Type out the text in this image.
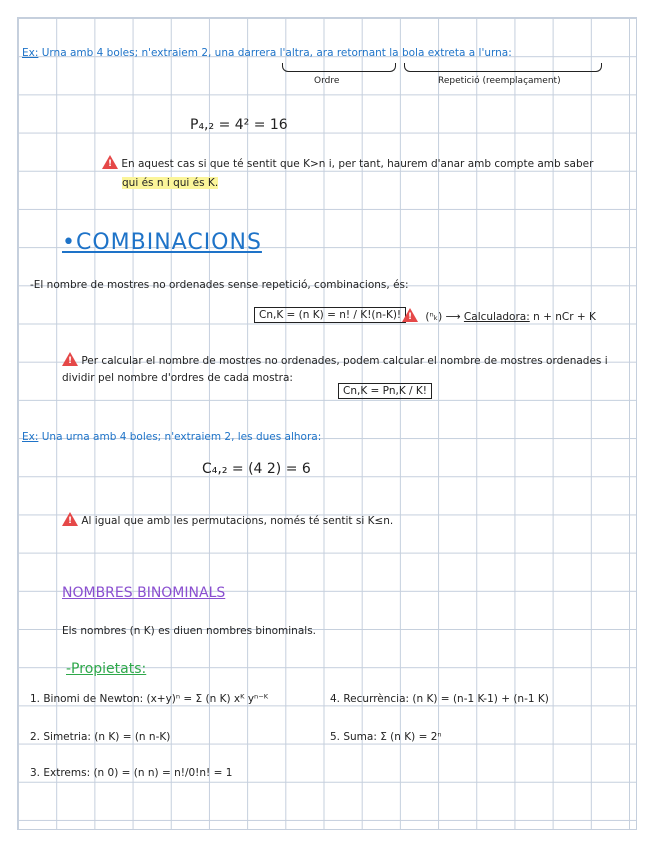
Ex: Urna amb 4 boles; n'extraiem 2, una darrera l'altra, ara retornant la bola extreta a l'urna:
Ordre	Repetició (reemplaçament)
P₄,₂ = 4² = 16
! En aquest cas si que té sentit que K>n i, per tant, haurem d'anar amb compte amb saber
qui és n i qui és K.
•COMBINACIONS
-El nombre de mostres no ordenades sense repetició, combinacions, és:
Cn,K = (n K) = n! / K!(n-K)!
!	(ⁿₖ) ⟶ Calculadora: n + nCr + K
! Per calcular el nombre de mostres no ordenades, podem calcular el nombre de mostres ordenades i
dividir pel nombre d'ordres de cada mostra:
Cn,K = Pn,K / K!
Ex: Una urna amb 4 boles; n'extraiem 2, les dues alhora:
C₄,₂ = (4 2) = 6
! Al igual que amb les permutacions, només té sentit si K≤n.
NOMBRES BINOMINALS
Els nombres (n K) es diuen nombres binominals.
-Propietats:
1. Binomi de Newton: (x+y)ⁿ = Σ (n K) xᴷ yⁿ⁻ᴷ
2. Simetria: (n K) = (n n-K)
3. Extrems: (n 0) = (n n) = n!/0!n! = 1
4. Recurrència: (n K) = (n-1 K-1) + (n-1 K)
5. Suma: Σ (n K) = 2ⁿ
